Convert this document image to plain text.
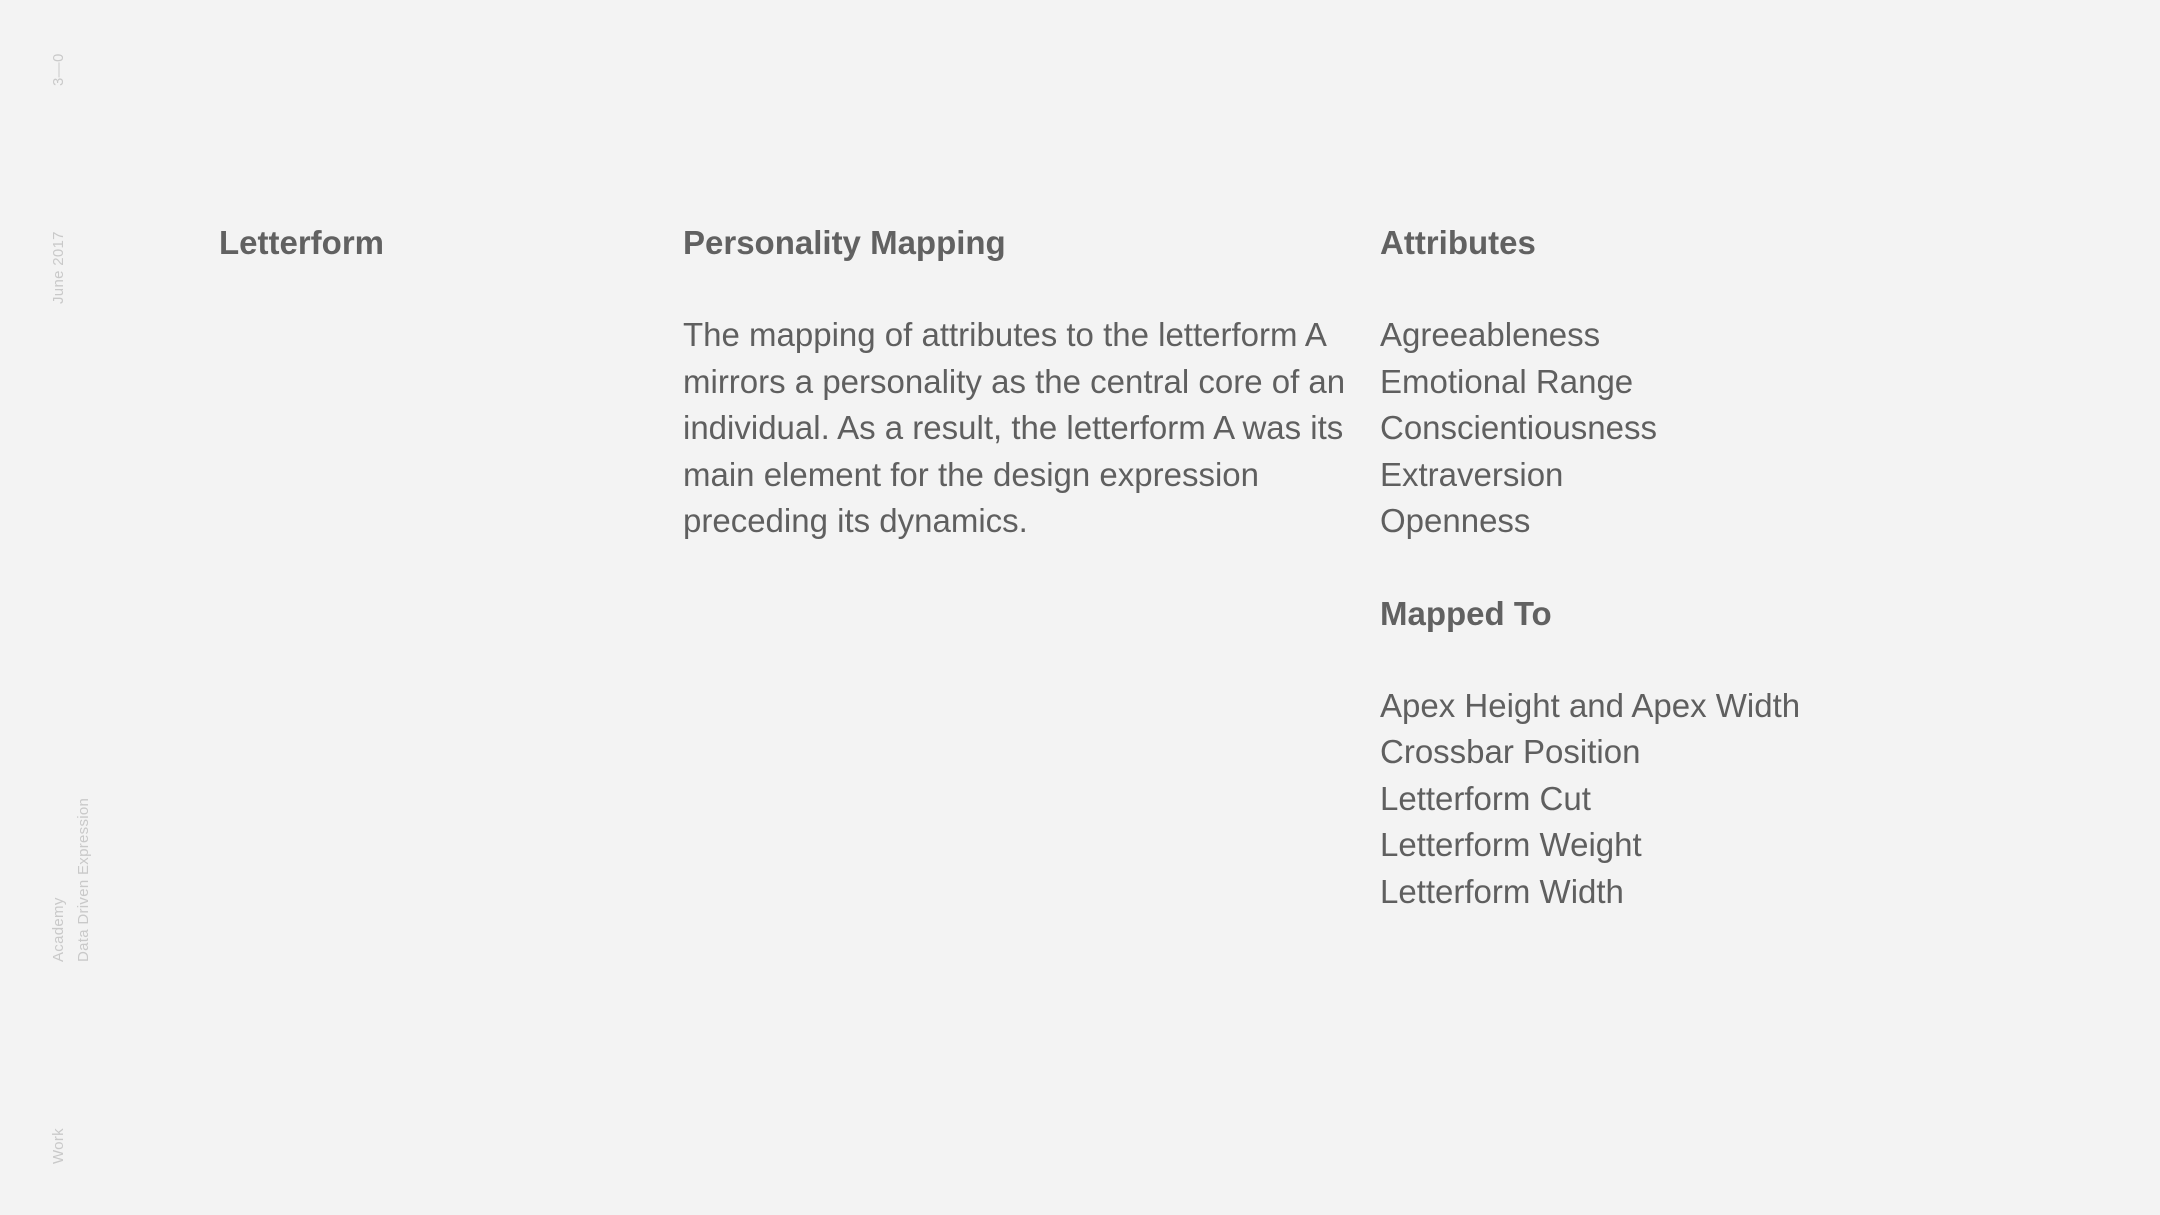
3—0
June 2017
Academy Data Driven Expression
Work
Letterform	Personality Mapping

The mapping of attributes to the letterform A mirrors a personality as the central core of an individual. As a result, the letterform A was its main element for the design expression preceding its dynamics.

Attributes
Agreeableness
Emotional Range
Conscientiousness
Extraversion
Openness
Mapped To
Apex Height and Apex Width
Crossbar Position
Letterform Cut
Letterform Weight
Letterform Width
